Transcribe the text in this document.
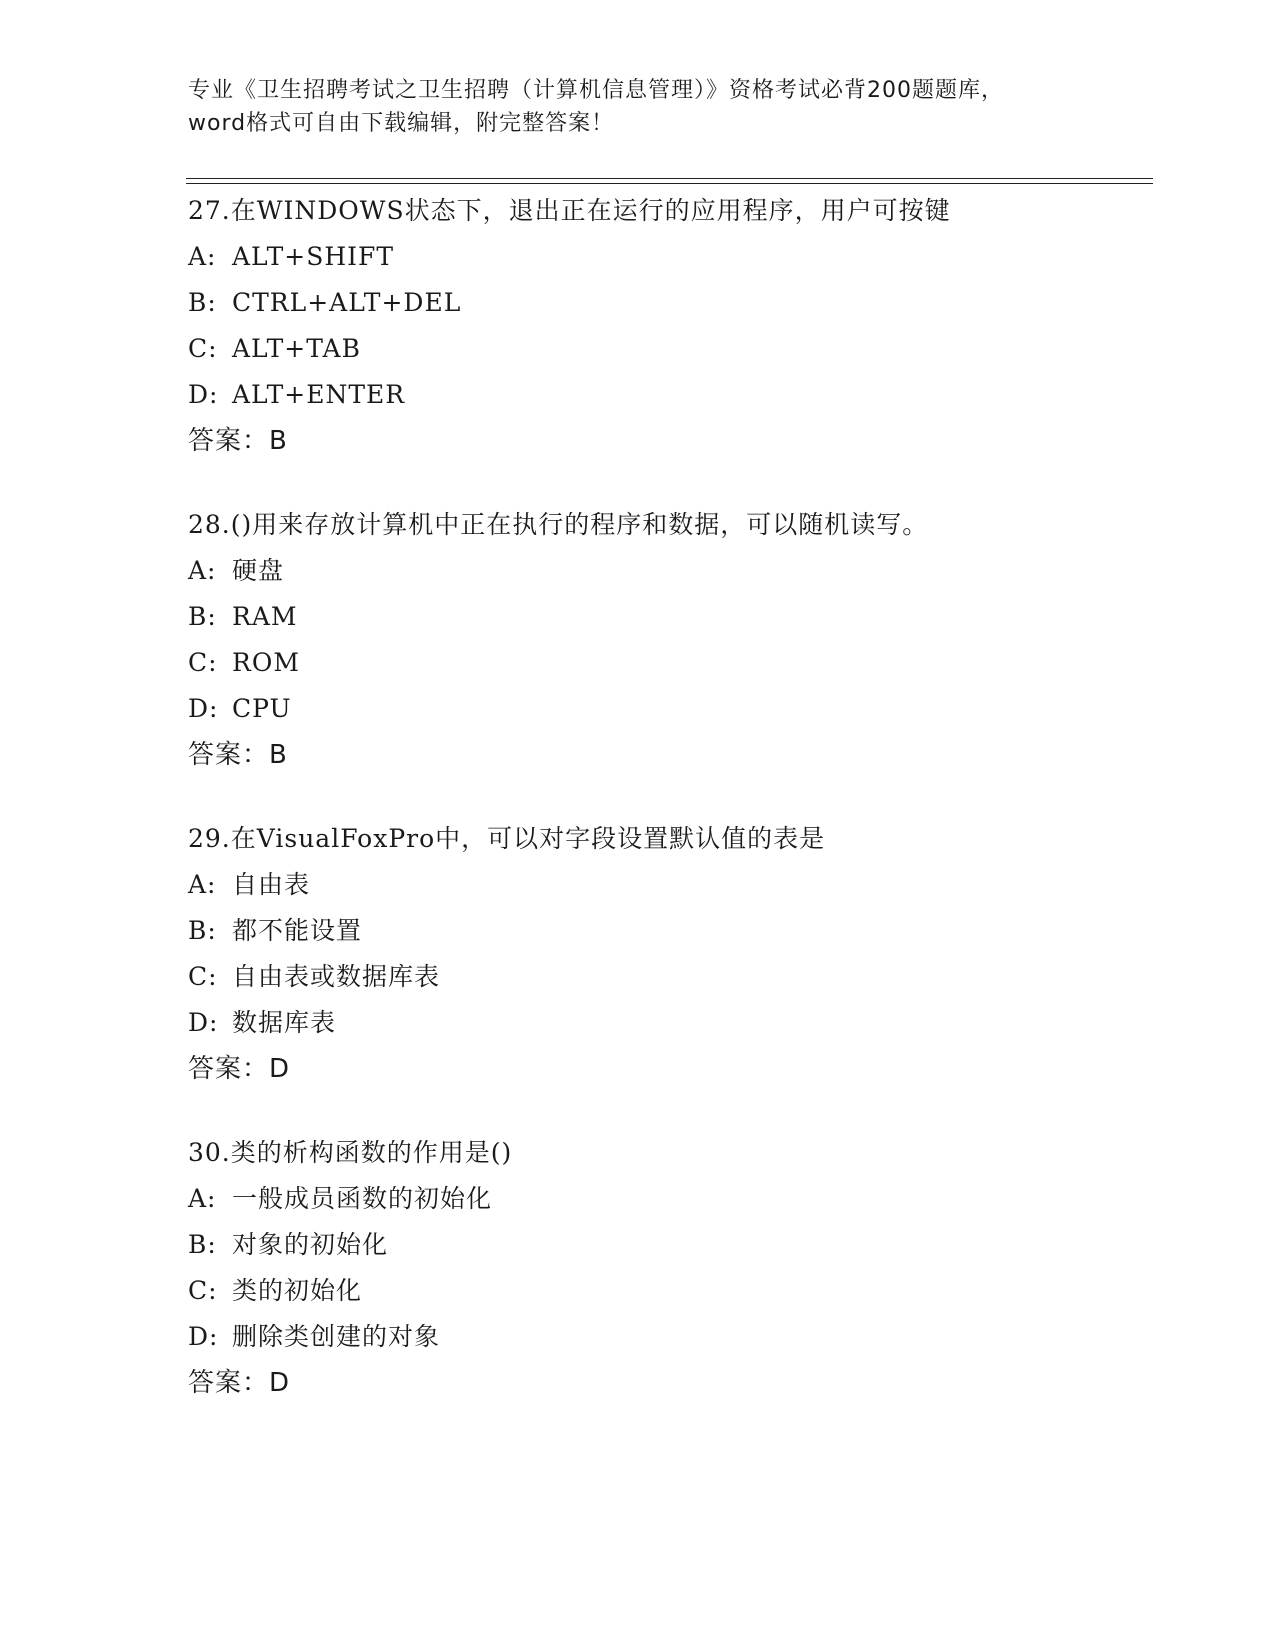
专业《卫生招聘考试之卫生招聘（计算机信息管理）》资格考试必背200题题库，
word格式可自由下载编辑，附完整答案！
27.在WINDOWS状态下，退出正在运行的应用程序，用户可按键
A: ALT+SHIFT
B: CTRL+ALT+DEL
C: ALT+TAB
D: ALT+ENTER
答案：B
28.()用来存放计算机中正在执行的程序和数据，可以随机读写。
A: 硬盘
B: RAM
C: ROM
D: CPU
答案：B
29.在VisualFoxPro中，可以对字段设置默认值的表是
A: 自由表
B: 都不能设置
C: 自由表或数据库表
D: 数据库表
答案：D
30.类的析构函数的作用是()
A: 一般成员函数的初始化
B: 对象的初始化
C: 类的初始化
D: 删除类创建的对象
答案：D
